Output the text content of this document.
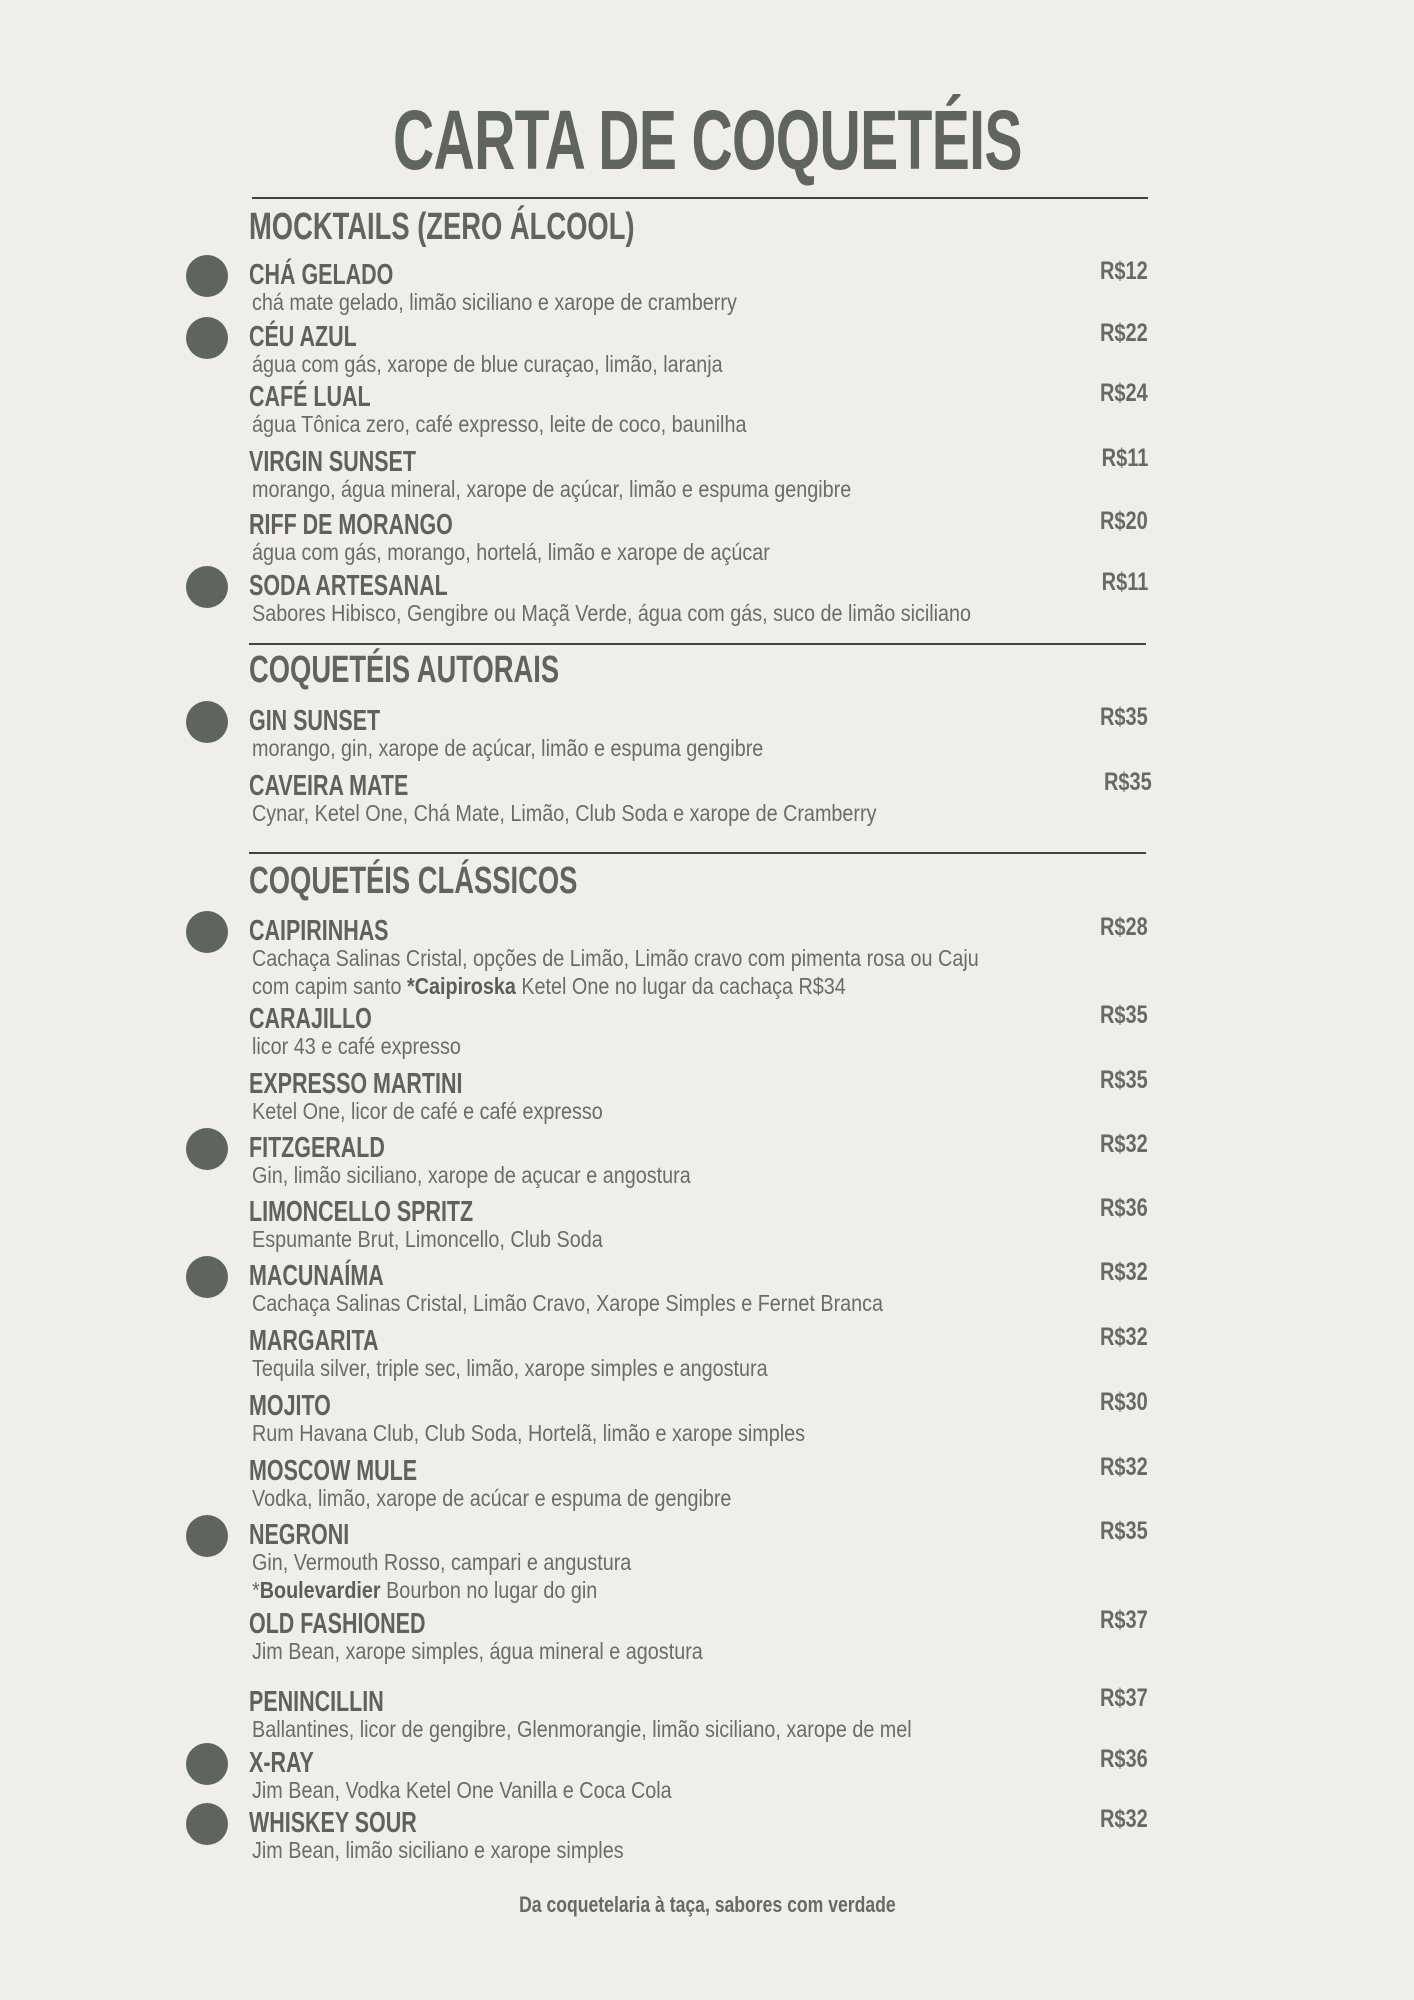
CARTA DE COQUETÉIS
MOCKTAILS (ZERO ÁLCOOL)
CHÁ GELADO	R$12
chá mate gelado, limão siciliano e xarope de cramberry
CÉU AZUL	R$22
água com gás, xarope de blue curaçao, limão, laranja
CAFÉ LUAL	R$24
água Tônica zero, café expresso, leite de coco, baunilha
VIRGIN SUNSET	R$11
morango, água mineral, xarope de açúcar, limão e espuma gengibre
RIFF DE MORANGO	R$20
água com gás, morango, hortelá, limão e xarope de açúcar
SODA ARTESANAL	R$11
Sabores Hibisco, Gengibre ou Maçã Verde, água com gás, suco de limão siciliano
COQUETÉIS AUTORAIS
GIN SUNSET	R$35
morango, gin, xarope de açúcar, limão e espuma gengibre
CAVEIRA MATE	R$35
Cynar, Ketel One, Chá Mate, Limão, Club Soda e xarope de Cramberry
COQUETÉIS CLÁSSICOS
CAIPIRINHAS	R$28
Cachaça Salinas Cristal, opções de Limão, Limão cravo com pimenta rosa ou Caju
com capim santo *Caipiroska Ketel One no lugar da cachaça R$34
CARAJILLO	R$35
licor 43 e café expresso
EXPRESSO MARTINI	R$35
Ketel One, licor de café e café expresso
FITZGERALD	R$32
Gin, limão siciliano, xarope de açucar e angostura
LIMONCELLO SPRITZ	R$36
Espumante Brut, Limoncello, Club Soda
MACUNAÍMA	R$32
Cachaça Salinas Cristal, Limão Cravo, Xarope Simples e Fernet Branca
MARGARITA	R$32
Tequila silver, triple sec, limão, xarope simples e angostura
MOJITO	R$30
Rum Havana Club, Club Soda, Hortelã, limão e xarope simples
MOSCOW MULE	R$32
Vodka, limão, xarope de acúcar e espuma de gengibre
NEGRONI	R$35
Gin, Vermouth Rosso, campari e angustura
*Boulevardier Bourbon no lugar do gin
OLD FASHIONED	R$37
Jim Bean, xarope simples, água mineral e agostura
PENINCILLIN	R$37
Ballantines, licor de gengibre, Glenmorangie, limão siciliano, xarope de mel
X-RAY	R$36
Jim Bean, Vodka Ketel One Vanilla e Coca Cola
WHISKEY SOUR	R$32
Jim Bean, limão siciliano e xarope simples
Da coquetelaria à taça, sabores com verdade
